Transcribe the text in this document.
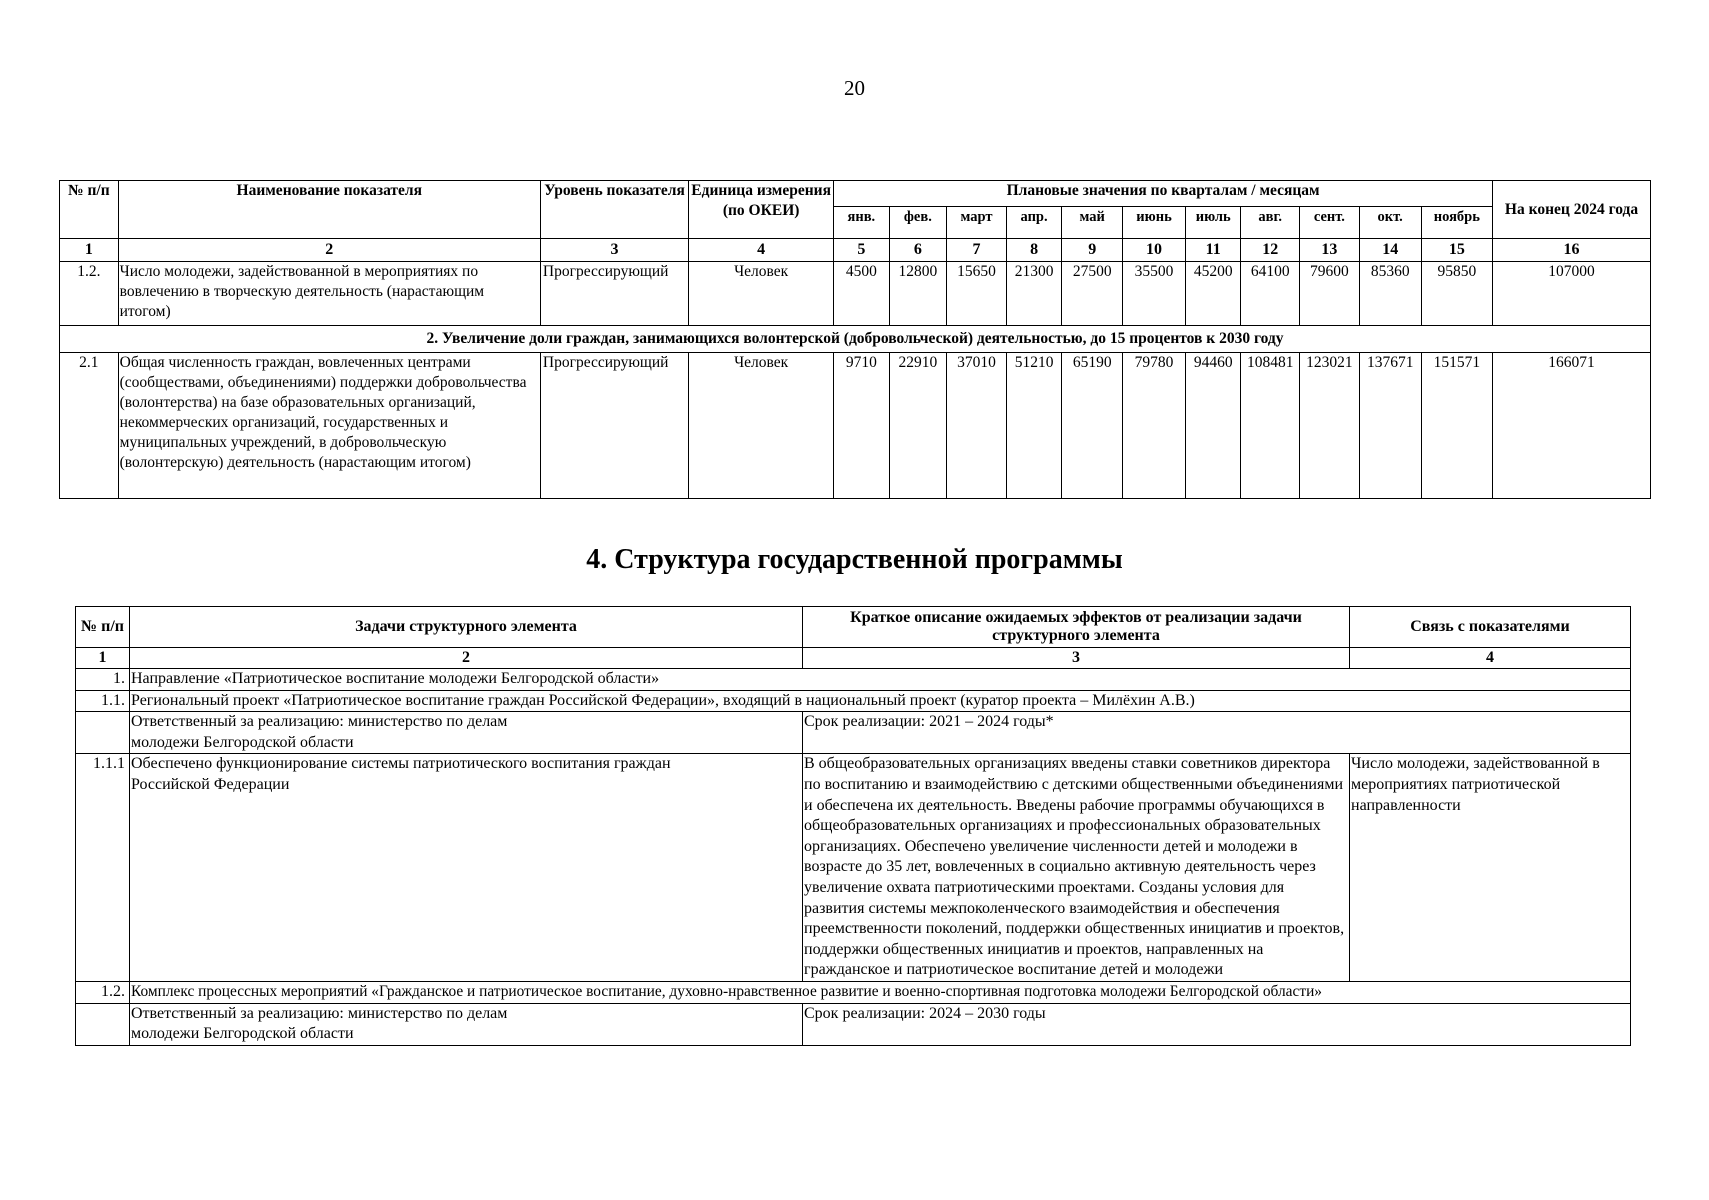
20
№ п/п	Наименование показателя	Уровень показателя	Единица измерения (по ОКЕИ)	Плановые значения по кварталам / месяцам											На конец 2024 года
				янв.	фев.	март	апр.	май	июнь	июль	авг.	сент.	окт.	ноябрь	
1	2	3	4	5	6	7	8	9	10	11	12	13	14	15	16
1.2.	Число молодежи, задействованной в мероприятиях по вовлечению в творческую деятельность (нарастающим итогом)	Прогрессирующий	Человек	4500	12800	15650	21300	27500	35500	45200	64100	79600	85360	95850	107000
2. Увеличение доли граждан, занимающихся волонтерской (добровольческой) деятельностью, до 15 процентов к 2030 году															
2.1	Общая численность граждан, вовлеченных центрами (сообществами, объединениями) поддержки добровольчества (волонтерства) на базе образовательных организаций, некоммерческих организаций, государственных и муниципальных учреждений, в добровольческую (волонтерскую) деятельность (нарастающим итогом)	Прогрессирующий	Человек	9710	22910	37010	51210	65190	79780	94460	108481	123021	137671	151571	166071
4. Структура государственной программы
№ п/п	Задачи структурного элемента	Краткое описание ожидаемых эффектов от реализации задачи структурного элемента	Связь с показателями
1	2	3	4
1.	Направление «Патриотическое воспитание молодежи Белгородской области»		
1.1.	Региональный проект «Патриотическое воспитание граждан Российской Федерации», входящий в национальный проект (куратор проекта – Милёхин А.В.)		
	Ответственный за реализацию: министерство по делам молодежи Белгородской области	Срок реализации: 2021 – 2024 годы*	
1.1.1	Обеспечено функционирование системы патриотического воспитания граждан Российской Федерации	В общеобразовательных организациях введены ставки советников директора по воспитанию и взаимодействию с детскими общественными объединениями и обеспечена их деятельность. Введены рабочие программы обучающихся в общеобразовательных организациях и профессиональных образовательных организациях. Обеспечено увеличение численности детей и молодежи в возрасте до 35 лет, вовлеченных в социально активную деятельность через увеличение охвата патриотическими проектами. Созданы условия для развития системы межпоколенческого взаимодействия и обеспечения преемственности поколений, поддержки общественных инициатив и проектов, поддержки общественных инициатив и проектов, направленных на гражданское и патриотическое воспитание детей и молодежи	Число молодежи, задействованной в мероприятиях патриотической направленности
1.2.	Комплекс процессных мероприятий «Гражданское и патриотическое воспитание, духовно-нравственное развитие и военно-спортивная подготовка молодежи Белгородской области»		
	Ответственный за реализацию: министерство по делам молодежи Белгородской области	Срок реализации: 2024 – 2030 годы	
